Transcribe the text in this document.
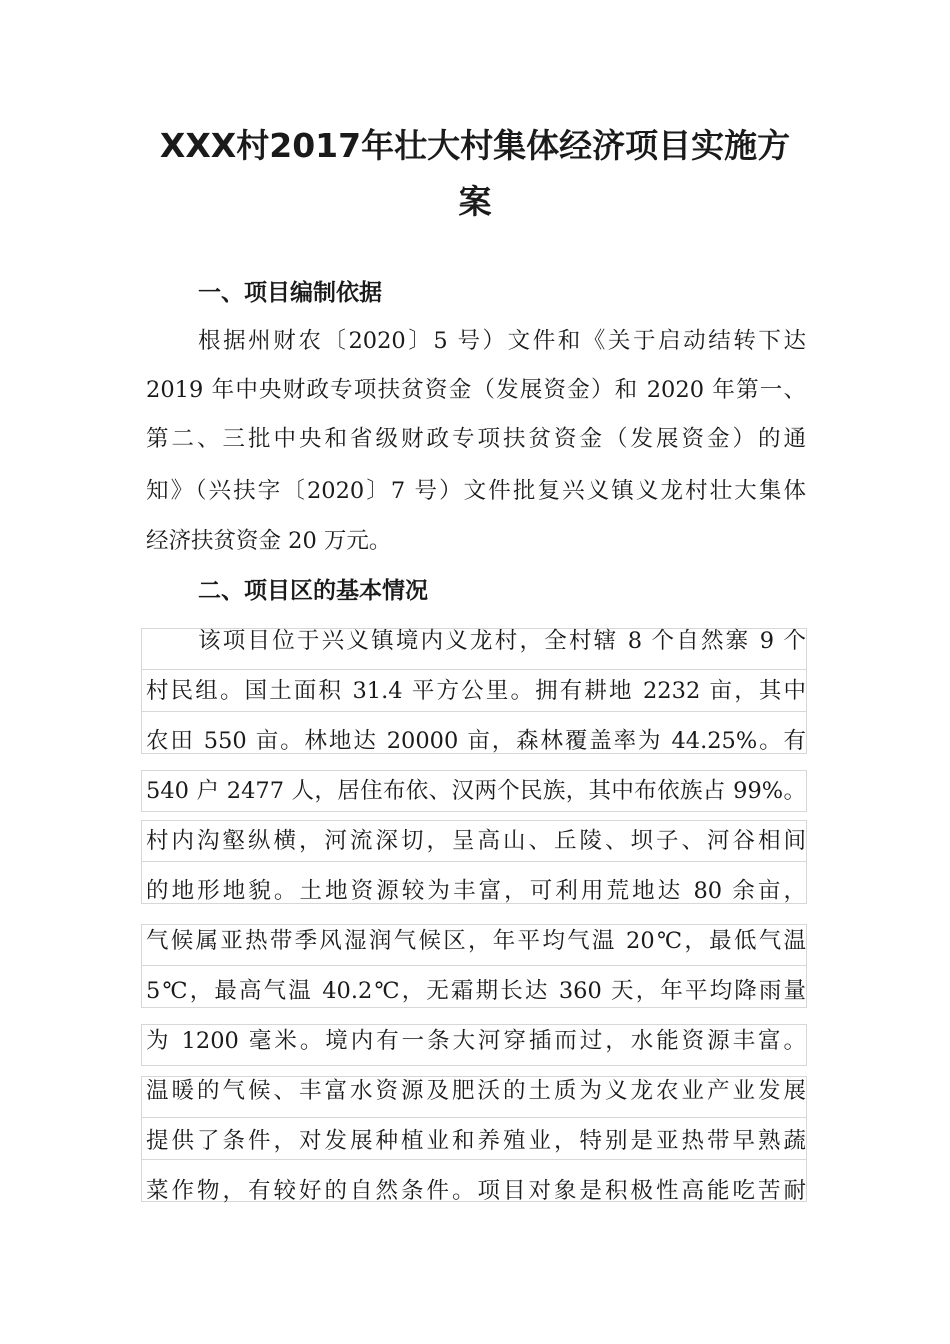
XXX村2017年壮大村集体经济项目实施方
案
一、项目编制依据
根据州财农〔2020〕5 号）文件和《关于启动结转下达
2019 年中央财政专项扶贫资金（发展资金）和 2020 年第一、
第二、三批中央和省级财政专项扶贫资金（发展资金）的通
知》（兴扶字〔2020〕7 号）文件批复兴义镇义龙村壮大集体
经济扶贫资金 20 万元。
二、项目区的基本情况
该项目位于兴义镇境内义龙村，全村辖 8 个自然寨 9 个
村民组。国土面积 31.4 平方公里。拥有耕地 2232 亩，其中
农田 550 亩。林地达 20000 亩，森林覆盖率为 44.25%。有
540 户 2477 人，居住布依、汉两个民族，其中布依族占 99%。
村内沟壑纵横，河流深切，呈高山、丘陵、坝子、河谷相间
的地形地貌。土地资源较为丰富，可利用荒地达 80 余亩，
气候属亚热带季风湿润气候区，年平均气温 20℃，最低气温
5℃，最高气温 40.2℃，无霜期长达 360 天，年平均降雨量
为 1200 毫米。境内有一条大河穿插而过，水能资源丰富。
温暖的气候、丰富水资源及肥沃的土质为义龙农业产业发展
提供了条件，对发展种植业和养殖业，特别是亚热带早熟蔬
菜作物，有较好的自然条件。项目对象是积极性高能吃苦耐
